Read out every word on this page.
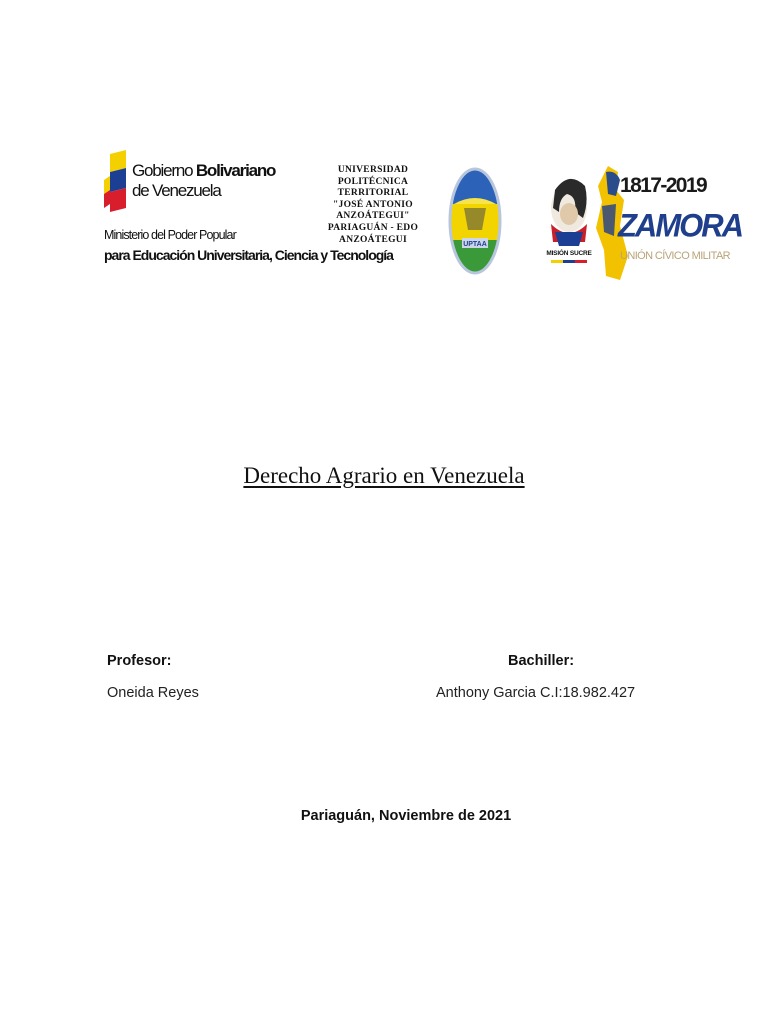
Gobierno Bolivariano
de Venezuela
Ministerio del Poder Popular
para Educación Universitaria, Ciencia y Tecnología
UNIVERSIDAD
POLITÉCNICA
TERRITORIAL
"JOSÉ ANTONIO
ANZOÁTEGUI"
PARIAGUÁN - EDO
ANZOÁTEGUI	UPTAA
MISIÓN SUCRE
1817-2019
ZAMORA
UNIÓN CÍVICO MILITAR
Derecho Agrario en Venezuela
Profesor:
Oneida Reyes
Bachiller:
Anthony Garcia C.I:18.982.427
Pariaguán, Noviembre de 2021
